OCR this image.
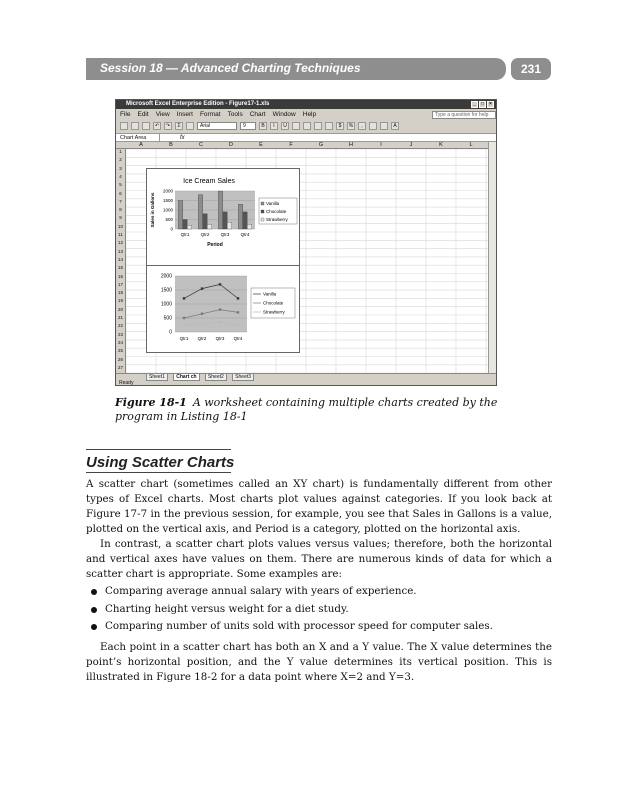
Session 18 — Advanced Charting Techniques	231
Microsoft Excel Enterprise Edition - Figure17-1.xls	_	□	×
File Edit View Insert Format Tools Chart Window Help	Type a question for help
↶	↷	Σ	Arial	9	B	I	U	$	%	,	A
Chart Area	fx
A	B	C	D	E	F	G	H	I	J	K	L
1
2
3
4
5
6
7
8
9
10
11
12
13
14
15
16
17
18
19
20
21
22
23
24
25
26
27
Ice Cream Sales
0
500
1000
1500
2000
Qtr1 Qtr2 Qtr3 Qtr4
Period
Sales in Gallons	Vanilla
Chocolate
Strawberry
0
500
1000
1500
2000
Qtr1 Qtr2 Qtr3 Qtr4
Vanilla
Chocolate
Strawberry
Sheet1 Chart ch Sheet2 Sheet3
Ready
Figure 18-1 A worksheet containing multiple charts created by the program in Listing 18-1
Using Scatter Charts

A scatter chart (sometimes called an XY chart) is fundamentally different from other types of Excel charts. Most charts plot values against categories. If you look back at Figure 17-7 in the previous session, for example, you see that Sales in Gallons is a value, plotted on the vertical axis, and Period is a category, plotted on the horizontal axis.

In contrast, a scatter chart plots values versus values; therefore, both the horizontal and vertical axes have values on them. There are numerous kinds of data for which a scatter chart is appropriate. Some examples are:

Comparing average annual salary with years of experience.
Charting height versus weight for a diet study.
Comparing number of units sold with processor speed for computer sales.

Each point in a scatter chart has both an X and a Y value. The X value determines the point’s horizontal position, and the Y value determines its vertical position. This is illustrated in Figure 18-2 for a data point where X=2 and Y=3.
